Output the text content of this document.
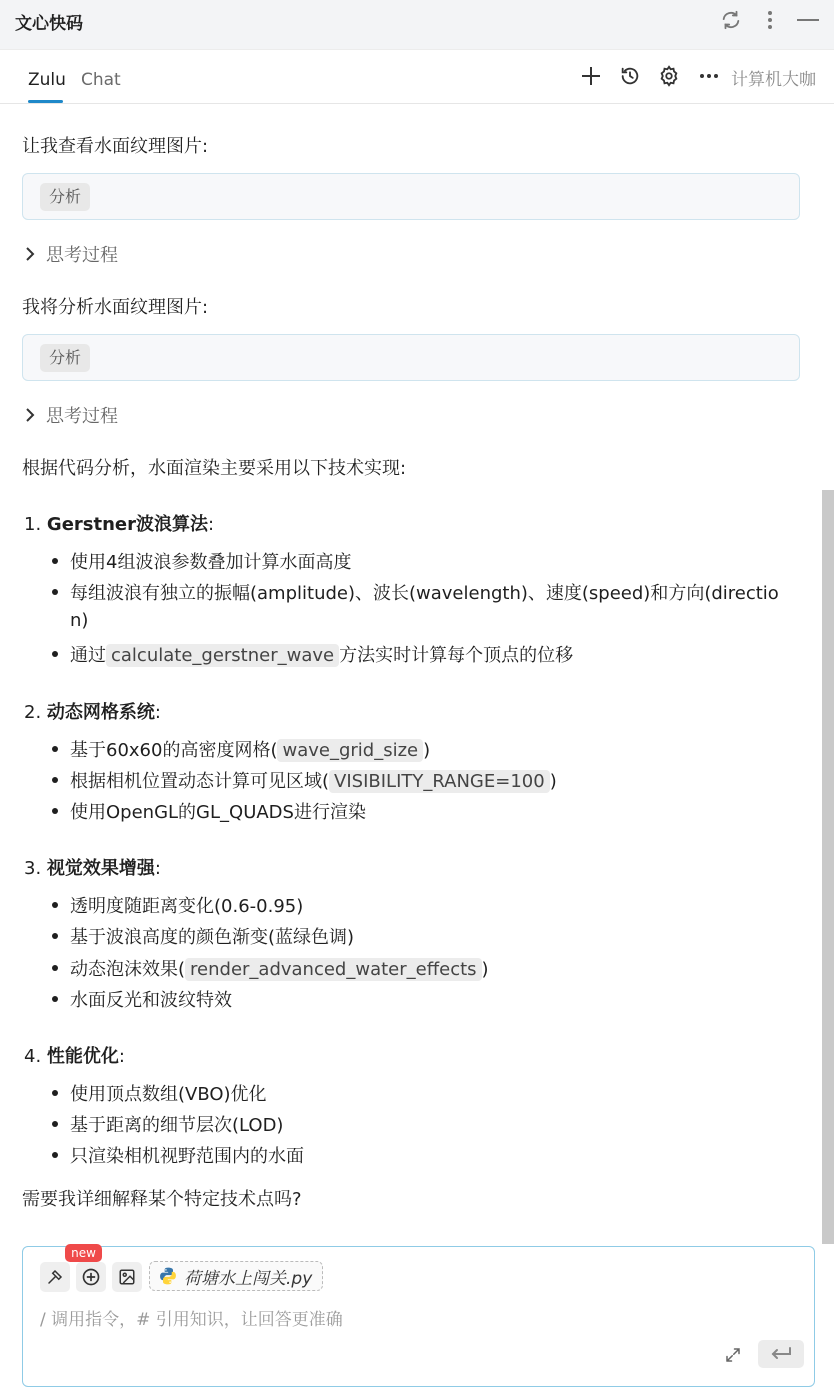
文心快码
Zulu Chat	计算机大咖
让我查看水面纹理图片:
分析
思考过程
我将分析水面纹理图片:
分析
思考过程
根据代码分析，水面渲染主要采用以下技术实现:
1. Gerstner波浪算法:
使用4组波浪参数叠加计算水面高度
每组波浪有独立的振幅(amplitude)、波长(wavelength)、速度(speed)和方向(directio
n)
通过 calculate_gerstner_wave 方法实时计算每个顶点的位移
2. 动态网格系统:
基于60x60的高密度网格( wave_grid_size )
根据相机位置动态计算可见区域( VISIBILITY_RANGE=100 )
使用OpenGL的GL_QUADS进行渲染
3. 视觉效果增强:
透明度随距离变化(0.6-0.95)
基于波浪高度的颜色渐变(蓝绿色调)
动态泡沫效果( render_advanced_water_effects )
水面反光和波纹特效
4. 性能优化:
使用顶点数组(VBO)优化
基于距离的细节层次(LOD)
只渲染相机视野范围内的水面
需要我详细解释某个特定技术点吗?
new
荷塘水上闯关.py
/ 调用指令，# 引用知识，让回答更准确
